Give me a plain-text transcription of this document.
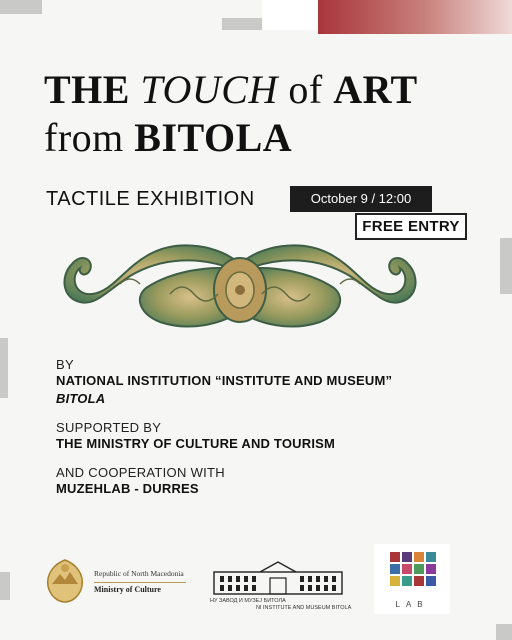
THE TOUCH of ART
from BITOLA
TACTILE EXHIBITION	October 9 / 12:00
FREE ENTRY
BY
NATIONAL INSTITUTION “INSTITUTE AND MUSEUM”
BITOLA
SUPPORTED BY
THE MINISTRY OF CULTURE AND TOURISM
AND COOPERATION WITH
MUZEHLAB - DURRES
Republic of North Macedonia
Ministry of Culture
НУ ЗАВОД И МУЗЕЈ БИТОЛА
NI INSTITUTE AND MUSEUM BITOLA	LAB
